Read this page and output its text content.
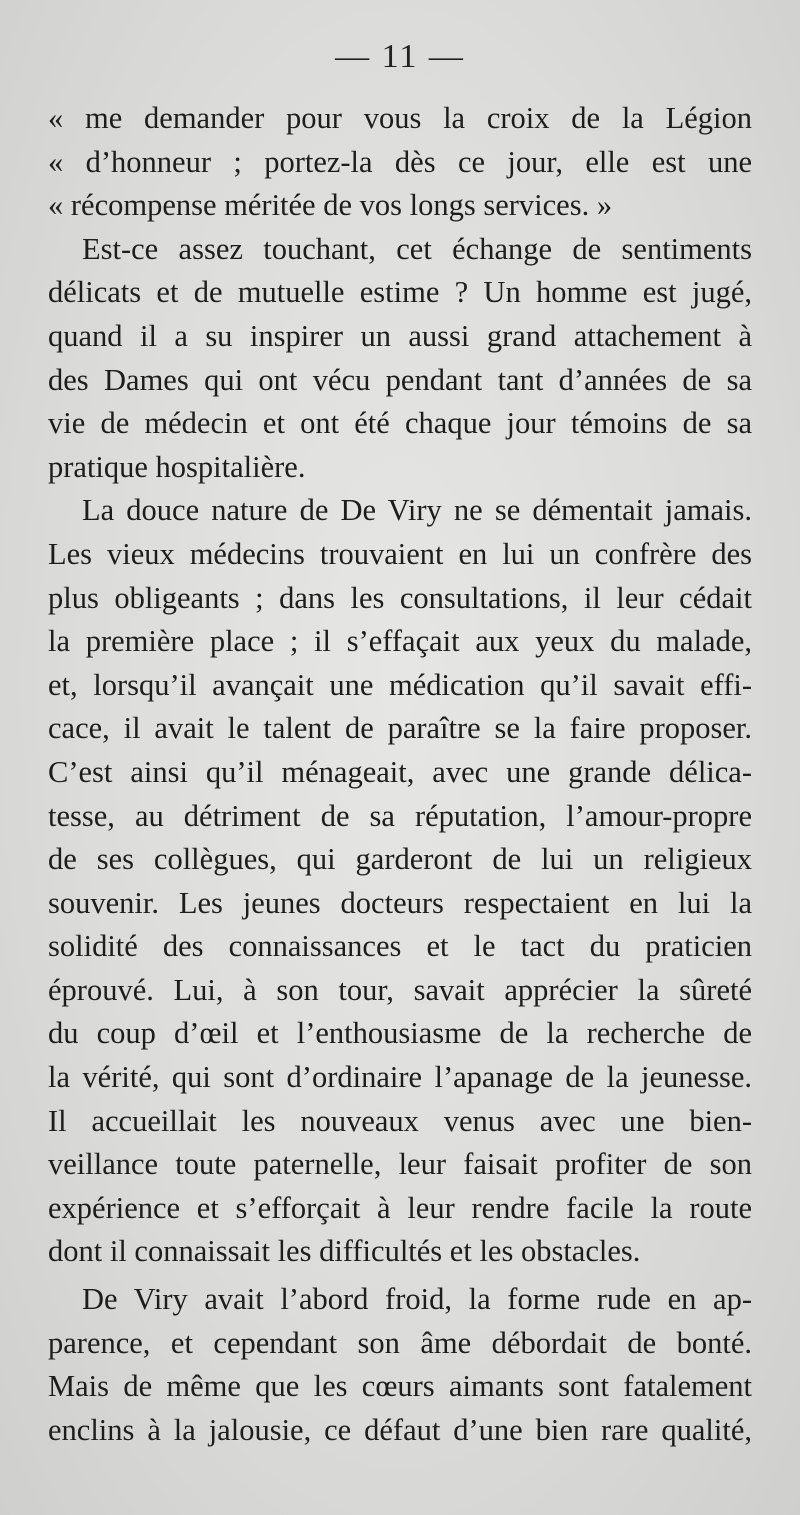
— 11 —
« me demander pour vous la croix de la Légion
« d’honneur ; portez-la dès ce jour, elle est une
« récompense méritée de vos longs services. »
Est-ce assez touchant, cet échange de sentiments
délicats et de mutuelle estime ? Un homme est jugé,
quand il a su inspirer un aussi grand attachement à
des Dames qui ont vécu pendant tant d’années de sa
vie de médecin et ont été chaque jour témoins de sa
pratique hospitalière.
La douce nature de De Viry ne se démentait jamais.
Les vieux médecins trouvaient en lui un confrère des
plus obligeants ; dans les consultations, il leur cédait
la première place ; il s’effaçait aux yeux du malade,
et, lorsqu’il avançait une médication qu’il savait effi-
cace, il avait le talent de paraître se la faire proposer.
C’est ainsi qu’il ménageait, avec une grande délica-
tesse, au détriment de sa réputation, l’amour-propre
de ses collègues, qui garderont de lui un religieux
souvenir. Les jeunes docteurs respectaient en lui la
solidité des connaissances et le tact du praticien
éprouvé. Lui, à son tour, savait apprécier la sûreté
du coup d’œil et l’enthousiasme de la recherche de
la vérité, qui sont d’ordinaire l’apanage de la jeunesse.
Il accueillait les nouveaux venus avec une bien-
veillance toute paternelle, leur faisait profiter de son
expérience et s’efforçait à leur rendre facile la route
dont il connaissait les difficultés et les obstacles.
De Viry avait l’abord froid, la forme rude en ap-
parence, et cependant son âme débordait de bonté.
Mais de même que les cœurs aimants sont fatalement
enclins à la jalousie, ce défaut d’une bien rare qualité,
